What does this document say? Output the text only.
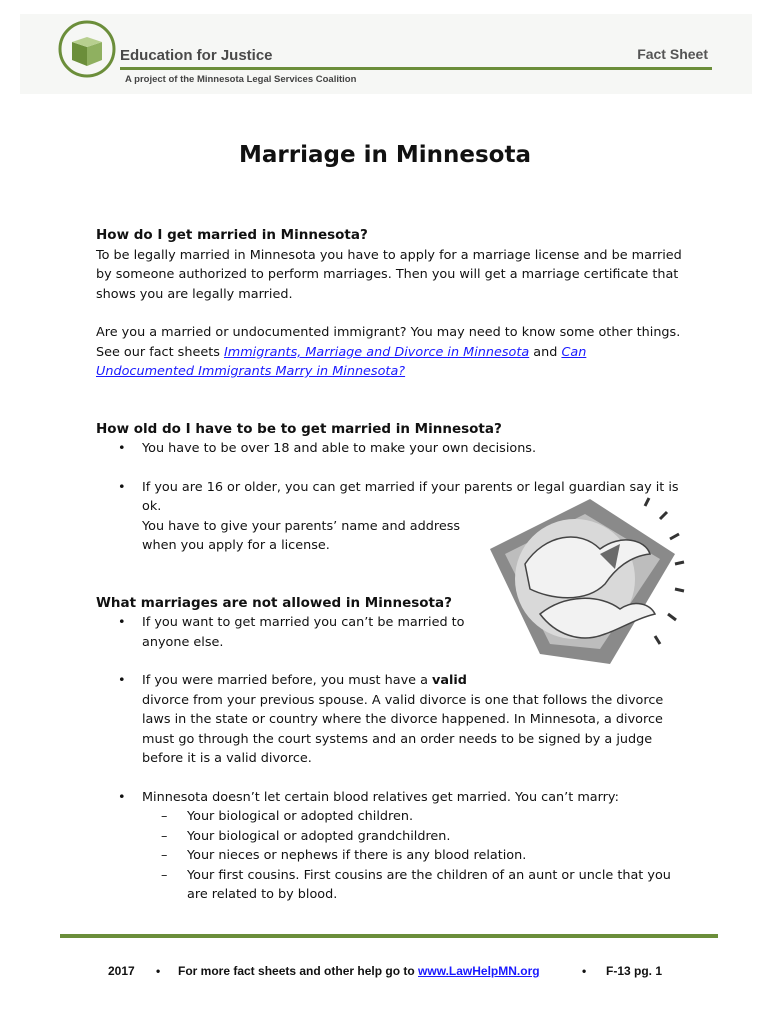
Education for Justice
A project of the Minnesota Legal Services Coalition
Fact Sheet
Marriage in Minnesota

How do I get married in Minnesota?

To be legally married in Minnesota you have to apply for a marriage license and be married by someone authorized to perform marriages. Then you will get a marriage certificate that shows you are legally married.

Are you a married or undocumented immigrant? You may need to know some other things. See our fact sheets Immigrants, Marriage and Divorce in Minnesota and Can Undocumented Immigrants Marry in Minnesota?

How old do I have to be to get married in Minnesota?

• You have to be over 18 and able to make your own decisions.
• If you are 16 or older, you can get married if your parents or legal guardian say it is ok.
You have to give your parents’ name and address
when you apply for a license.

What marriages are not allowed in Minnesota?

• If you want to get married you can’t be married to
anyone else.
• If you were married before, you must have a valid
divorce from your previous spouse. A valid divorce is one that follows the divorce laws in the state or country where the divorce happened. In Minnesota, a divorce must go through the court systems and an order needs to be signed by a judge before it is a valid divorce.
• Minnesota doesn’t let certain blood relatives get married. You can’t marry:
– Your biological or adopted children.
– Your biological or adopted grandchildren.
– Your nieces or nephews if there is any blood relation.
– Your first cousins. First cousins are the children of an aunt or uncle that you are related to by blood.
2017 • For more fact sheets and other help go to www.LawHelpMN.org	• F-13 pg. 1
